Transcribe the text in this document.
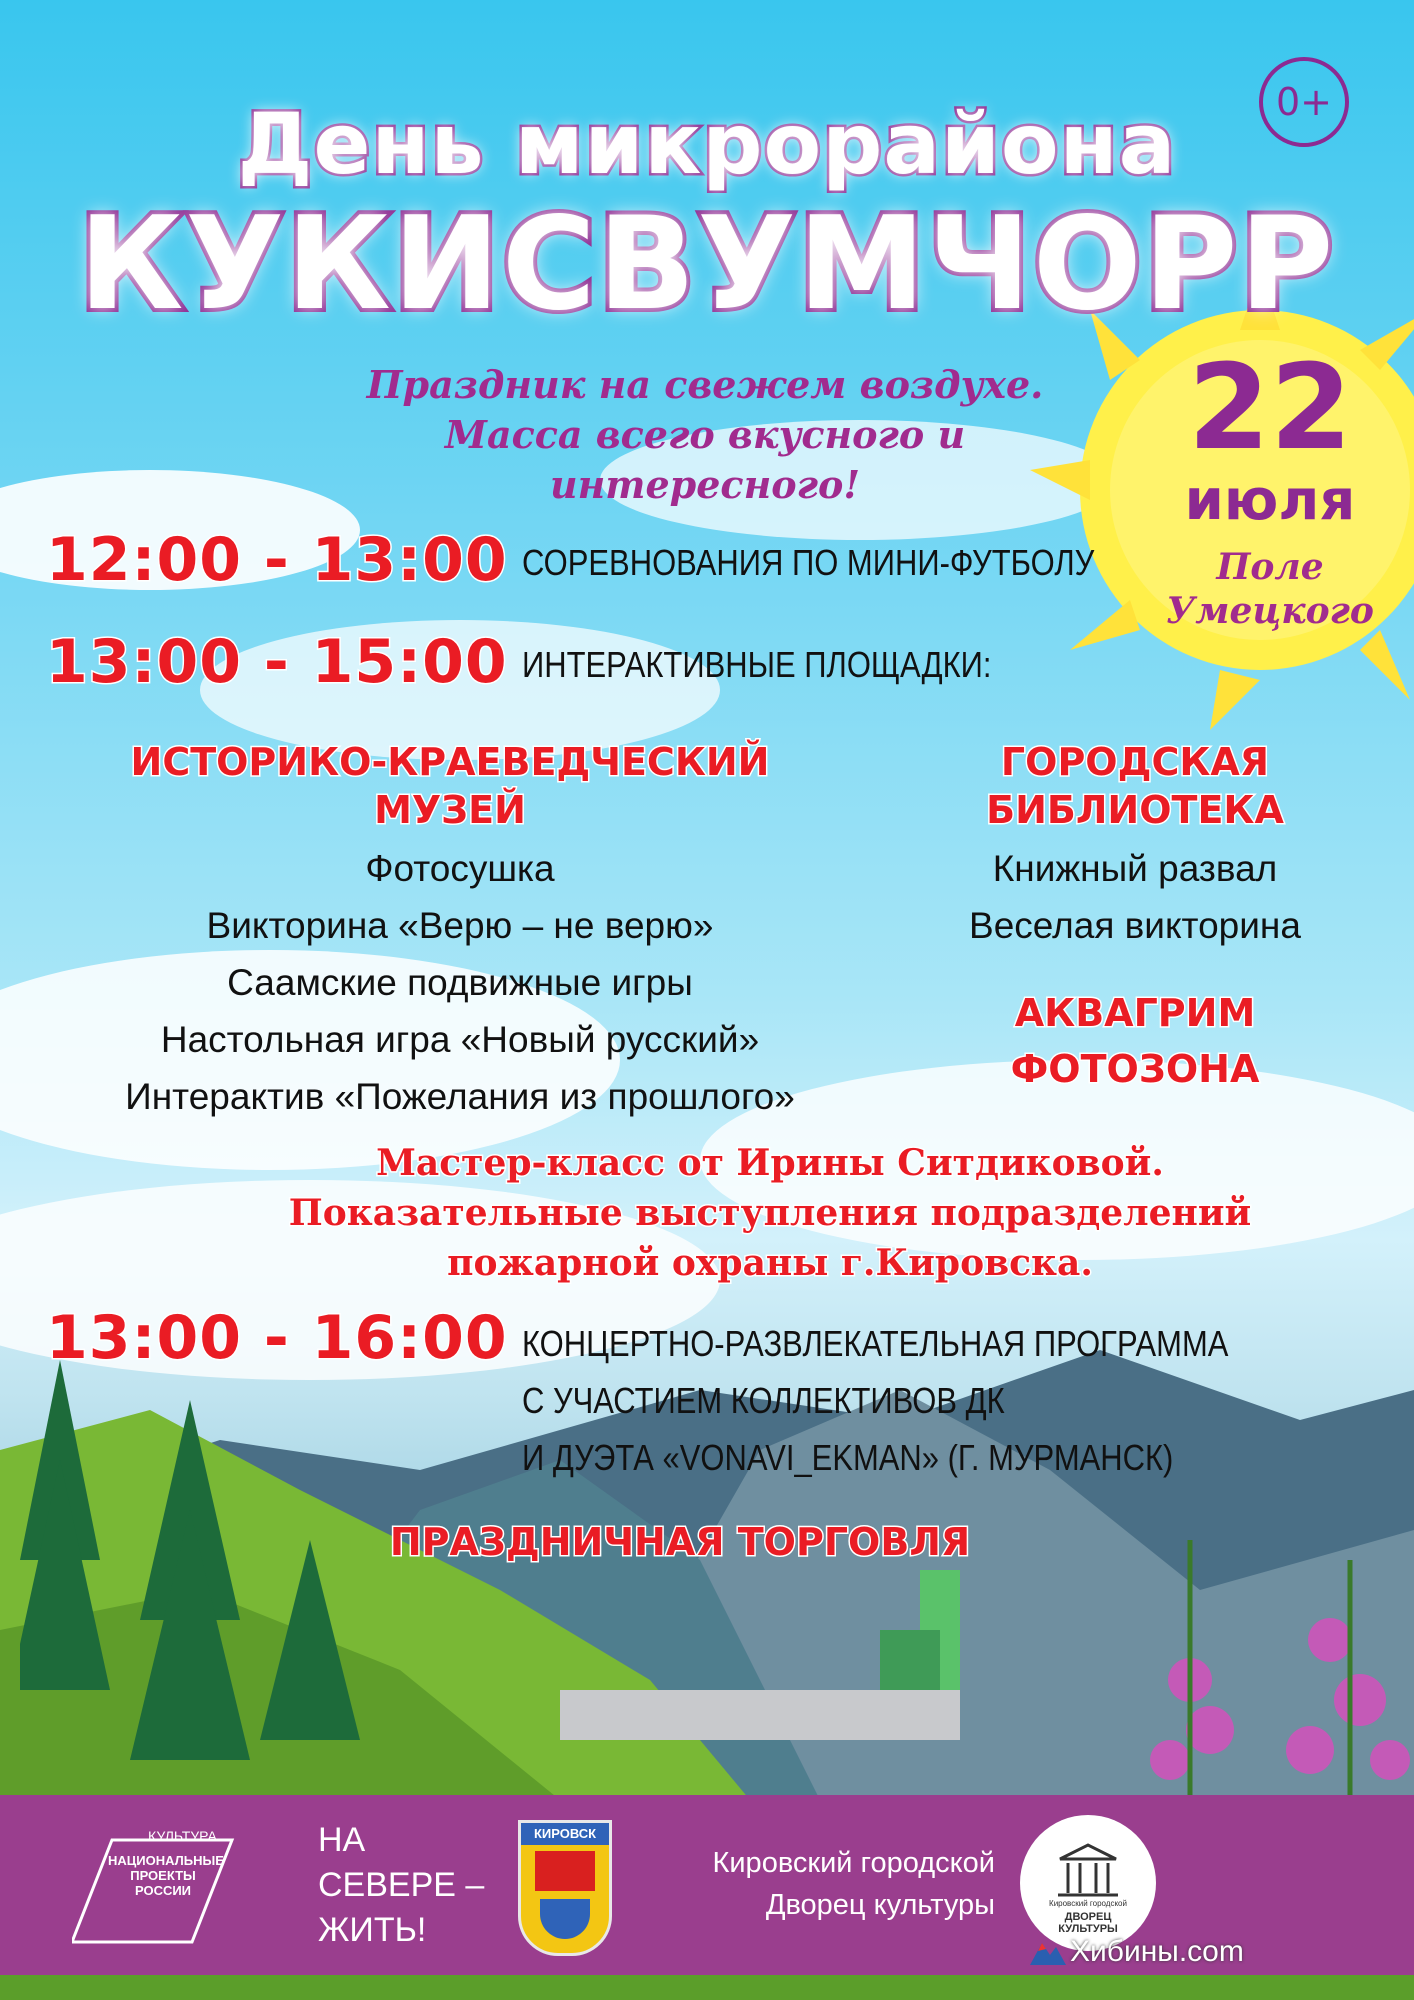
День микрорайона
КУКИСВУМЧОРР
0+
Праздник на свежем воздухе.
Масса всего вкусного и интересного!
22
июля
Поле
Умецкого
12:00 - 13:00 СОРЕВНОВАНИЯ ПО МИНИ-ФУТБОЛУ
13:00 - 15:00 ИНТЕРАКТИВНЫЕ ПЛОЩАДКИ:
ИСТОРИКО-КРАЕВЕДЧЕСКИЙ
МУЗЕЙ
Фотосушка
Викторина «Верю – не верю»
Саамские подвижные игры
Настольная игра «Новый русский»
Интерактив «Пожелания из прошлого»
ГОРОДСКАЯ
БИБЛИОТЕКА
Книжный развал
Веселая викторина
АКВАГРИМ
ФОТОЗОНА
Мастер-класс от Ирины Ситдиковой.
Показательные выступления подразделений
пожарной охраны г.Кировска.
13:00 - 16:00 КОНЦЕРТНО-РАЗВЛЕКАТЕЛЬНАЯ ПРОГРАММА
С УЧАСТИЕМ КОЛЛЕКТИВОВ ДК
И ДУЭТА «VONAVI_EKMAN» (Г. МУРМАНСК)
ПРАЗДНИЧНАЯ ТОРГОВЛЯ
КУЛЬТУРА
НАЦИОНАЛЬНЫЕ
ПРОЕКТЫ
РОССИИ
НА
СЕВЕРЕ –
ЖИТЬ!
КИРОВСК
Кировский городской
Дворец культуры	Кировский городской
ДВОРЕЦ
КУЛЬТУРЫ
Хибины.com
